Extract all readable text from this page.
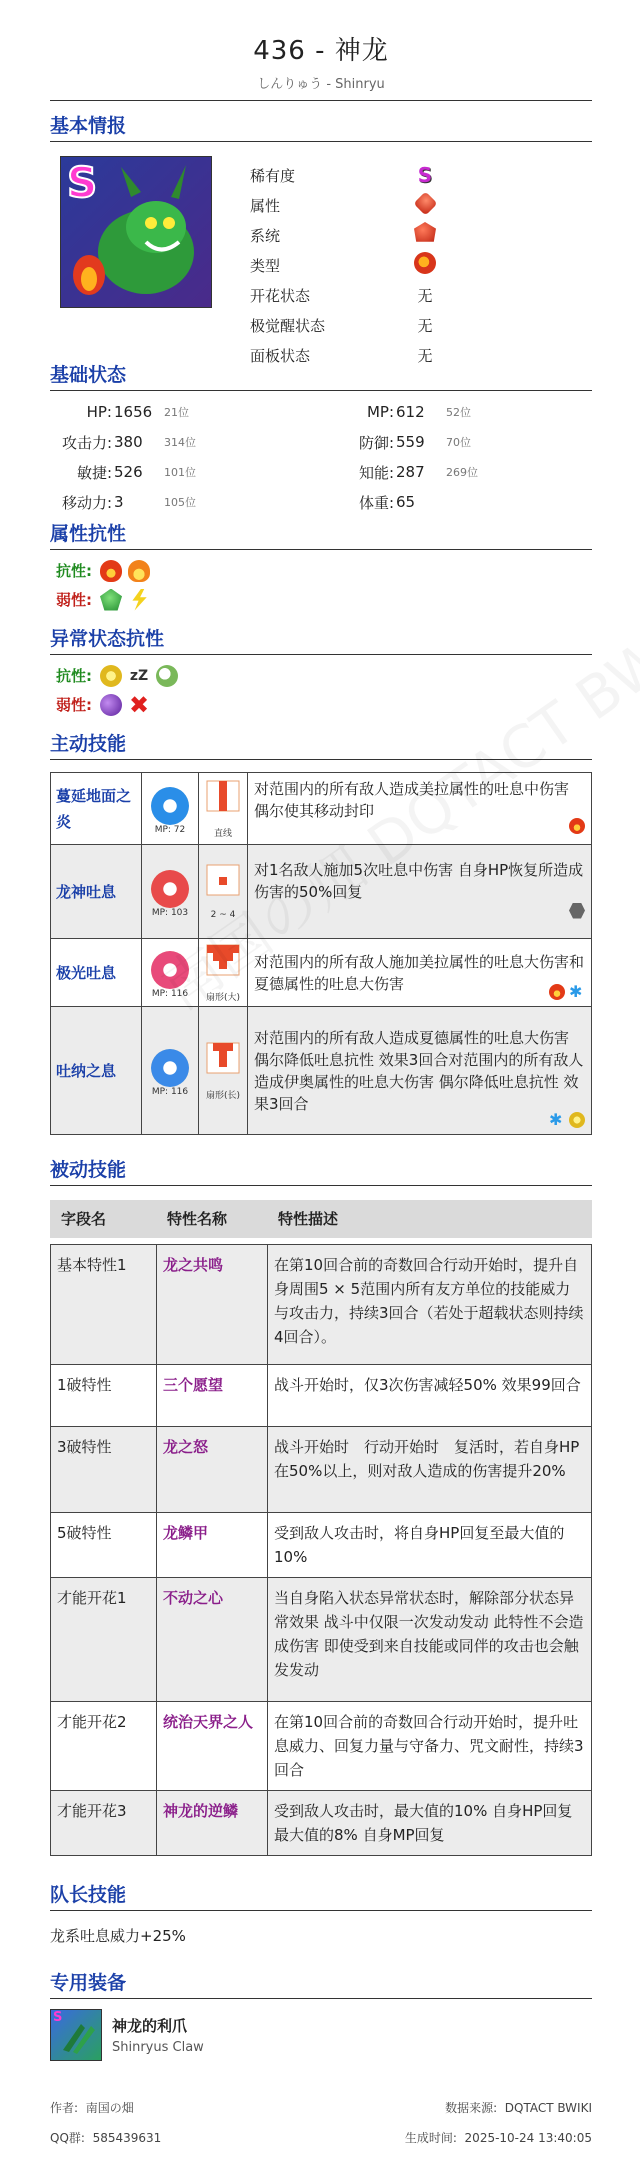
436 - 神龙
しんりゅう - Shinryu
基本情报
S	稀有度	S
属性
系统
类型
开花状态	无
极觉醒状态	无
面板状态	无
基础状态
HP: 1656	21位	MP: 612	52位
攻击力: 380	314位	防御: 559	70位
敏捷: 526	101位	知能: 287	269位
移动力: 3	105位	体重: 65
属性抗性
抗性:
弱性:
异常状态抗性
抗性:	zZ
弱性: ✖
主动技能
蔓延地面之炎	MP: 72	直线	对范围内的所有敌人造成美拉属性的吐息中伤害 偶尔使其移动封印

龙神吐息	MP: 103	2 ~ 4	对1名敌人施加5次吐息中伤害 自身HP恢复所造成伤害的50%回复

极光吐息	MP: 116	扇形(大)	对范围内的所有敌人施加美拉属性的吐息大伤害和夏德属性的吐息大伤害 ✱

吐纳之息	MP: 116	扇形(长)	对范围内的所有敌人造成夏德属性的吐息大伤害 偶尔降低吐息抗性 效果3回合对范围内的所有敌人造成伊奥属性的吐息大伤害 偶尔降低吐息抗性 效果3回合
✱
被动技能
字段名	特性名称	特性描述

基本特性1	龙之共鸣	在第10回合前的奇数回合行动开始时，提升自身周围5 × 5范围内所有友方单位的技能威力与攻击力，持续3回合（若处于超载状态则持续4回合）。
1破特性	三个愿望	战斗开始时，仅3次伤害减轻50% 效果99回合
3破特性	龙之怒	战斗开始时　行动开始时　复活时，若自身HP在50%以上，则对敌人造成的伤害提升20%
5破特性	龙鳞甲	受到敌人攻击时，将自身HP回复至最大值的10%
才能开花1	不动之心	当自身陷入状态异常状态时，解除部分状态异常效果 战斗中仅限一次发动发动 此特性不会造成伤害 即使受到来自技能或同伴的攻击也会触发发动
才能开花2	统治天界之人	在第10回合前的奇数回合行动开始时，提升吐息威力、回复力量与守备力、咒文耐性，持续3回合
才能开花3	神龙的逆鳞	受到敌人攻击时，最大值的10% 自身HP回复最大值的8% 自身MP回复
队长技能
龙系吐息威力+25%
专用装备
S	神龙的利爪
Shinryus Claw
作者: 南国の畑
QQ群: 585439631
数据来源: DQTACT BWIKI
生成时间: 2025-10-24 13:40:05
